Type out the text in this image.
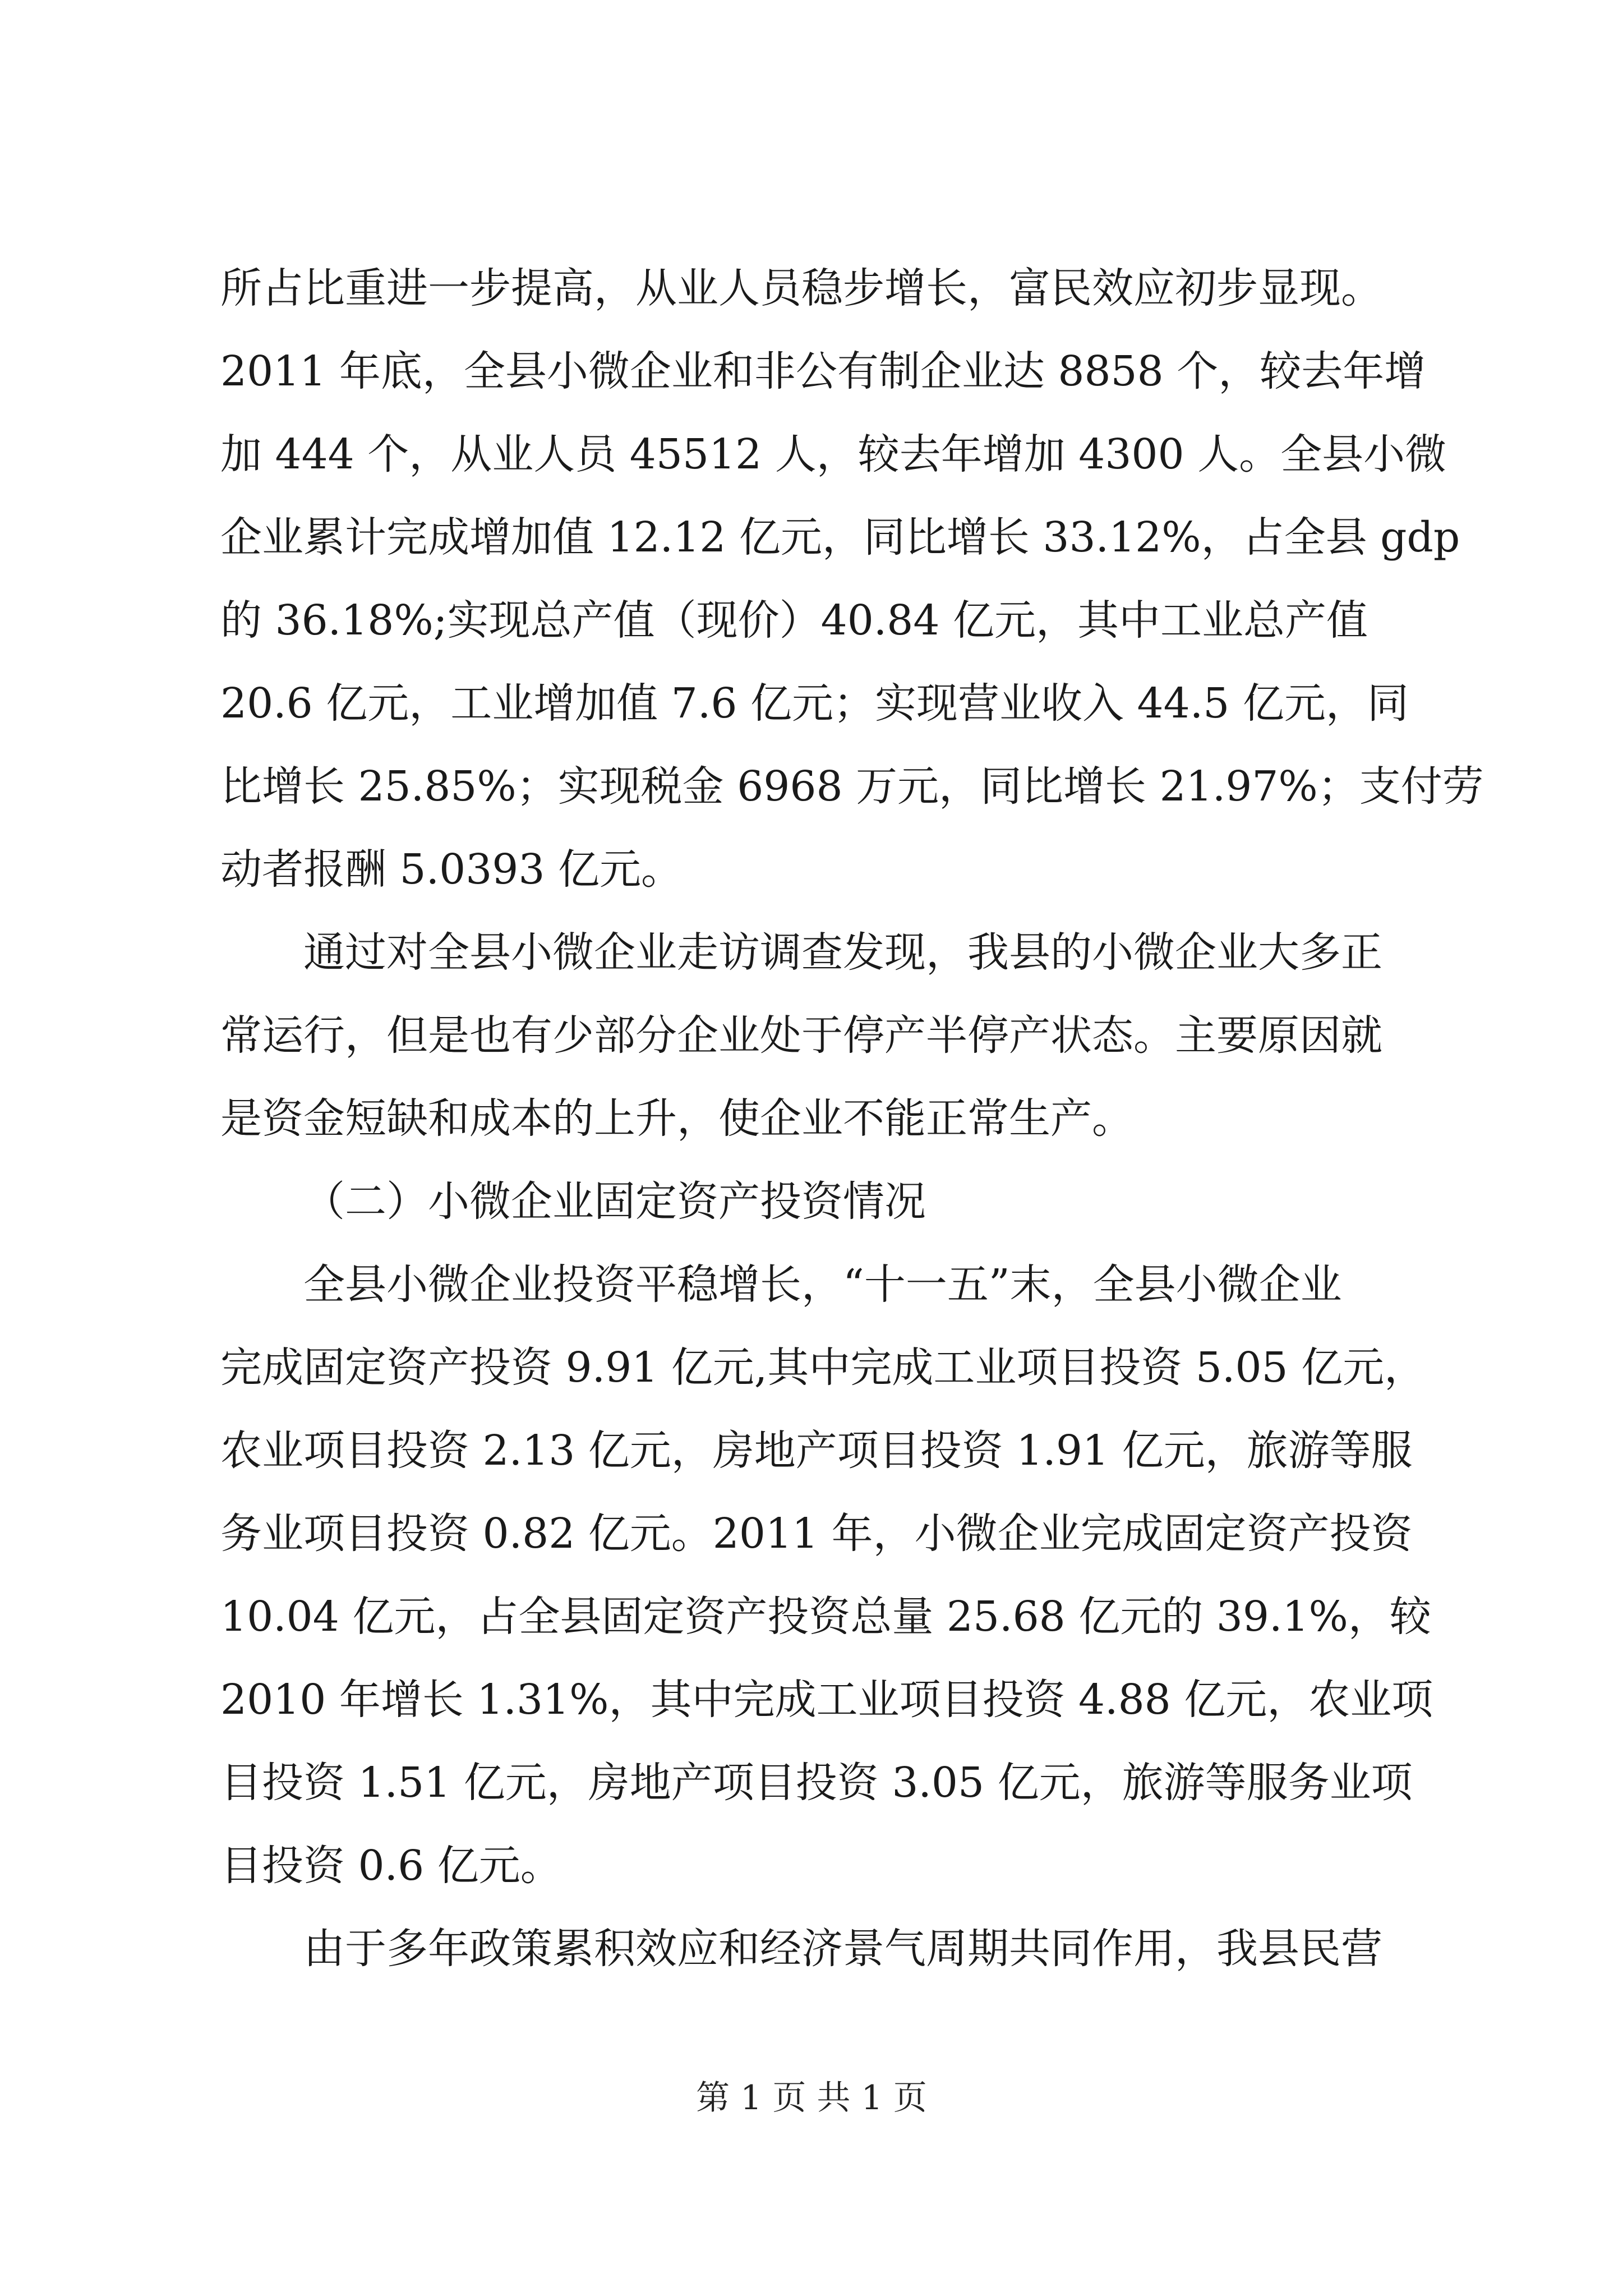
所占比重进一步提高，从业人员稳步增长，富民效应初步显现。
2011 年底，全县小微企业和非公有制企业达 8858 个，较去年增
加 444 个，从业人员 45512 人，较去年增加 4300 人。全县小微
企业累计完成增加值 12.12 亿元，同比增长 33.12%，占全县 gdp
的 36.18%;实现总产值（现价）40.84 亿元，其中工业总产值
20.6 亿元，工业增加值 7.6 亿元；实现营业收入 44.5 亿元，同
比增长 25.85%；实现税金 6968 万元，同比增长 21.97%；支付劳
动者报酬 5.0393 亿元。
通过对全县小微企业走访调查发现，我县的小微企业大多正
常运行，但是也有少部分企业处于停产半停产状态。主要原因就
是资金短缺和成本的上升，使企业不能正常生产。
（二）小微企业固定资产投资情况
全县小微企业投资平稳增长，“十一五”末，全县小微企业
完成固定资产投资 9.91 亿元,其中完成工业项目投资 5.05 亿元，
农业项目投资 2.13 亿元，房地产项目投资 1.91 亿元，旅游等服
务业项目投资 0.82 亿元。2011 年，小微企业完成固定资产投资
10.04 亿元，占全县固定资产投资总量 25.68 亿元的 39.1%，较
2010 年增长 1.31%，其中完成工业项目投资 4.88 亿元，农业项
目投资 1.51 亿元，房地产项目投资 3.05 亿元，旅游等服务业项
目投资 0.6 亿元。
由于多年政策累积效应和经济景气周期共同作用，我县民营
第 1 页 共 1 页
